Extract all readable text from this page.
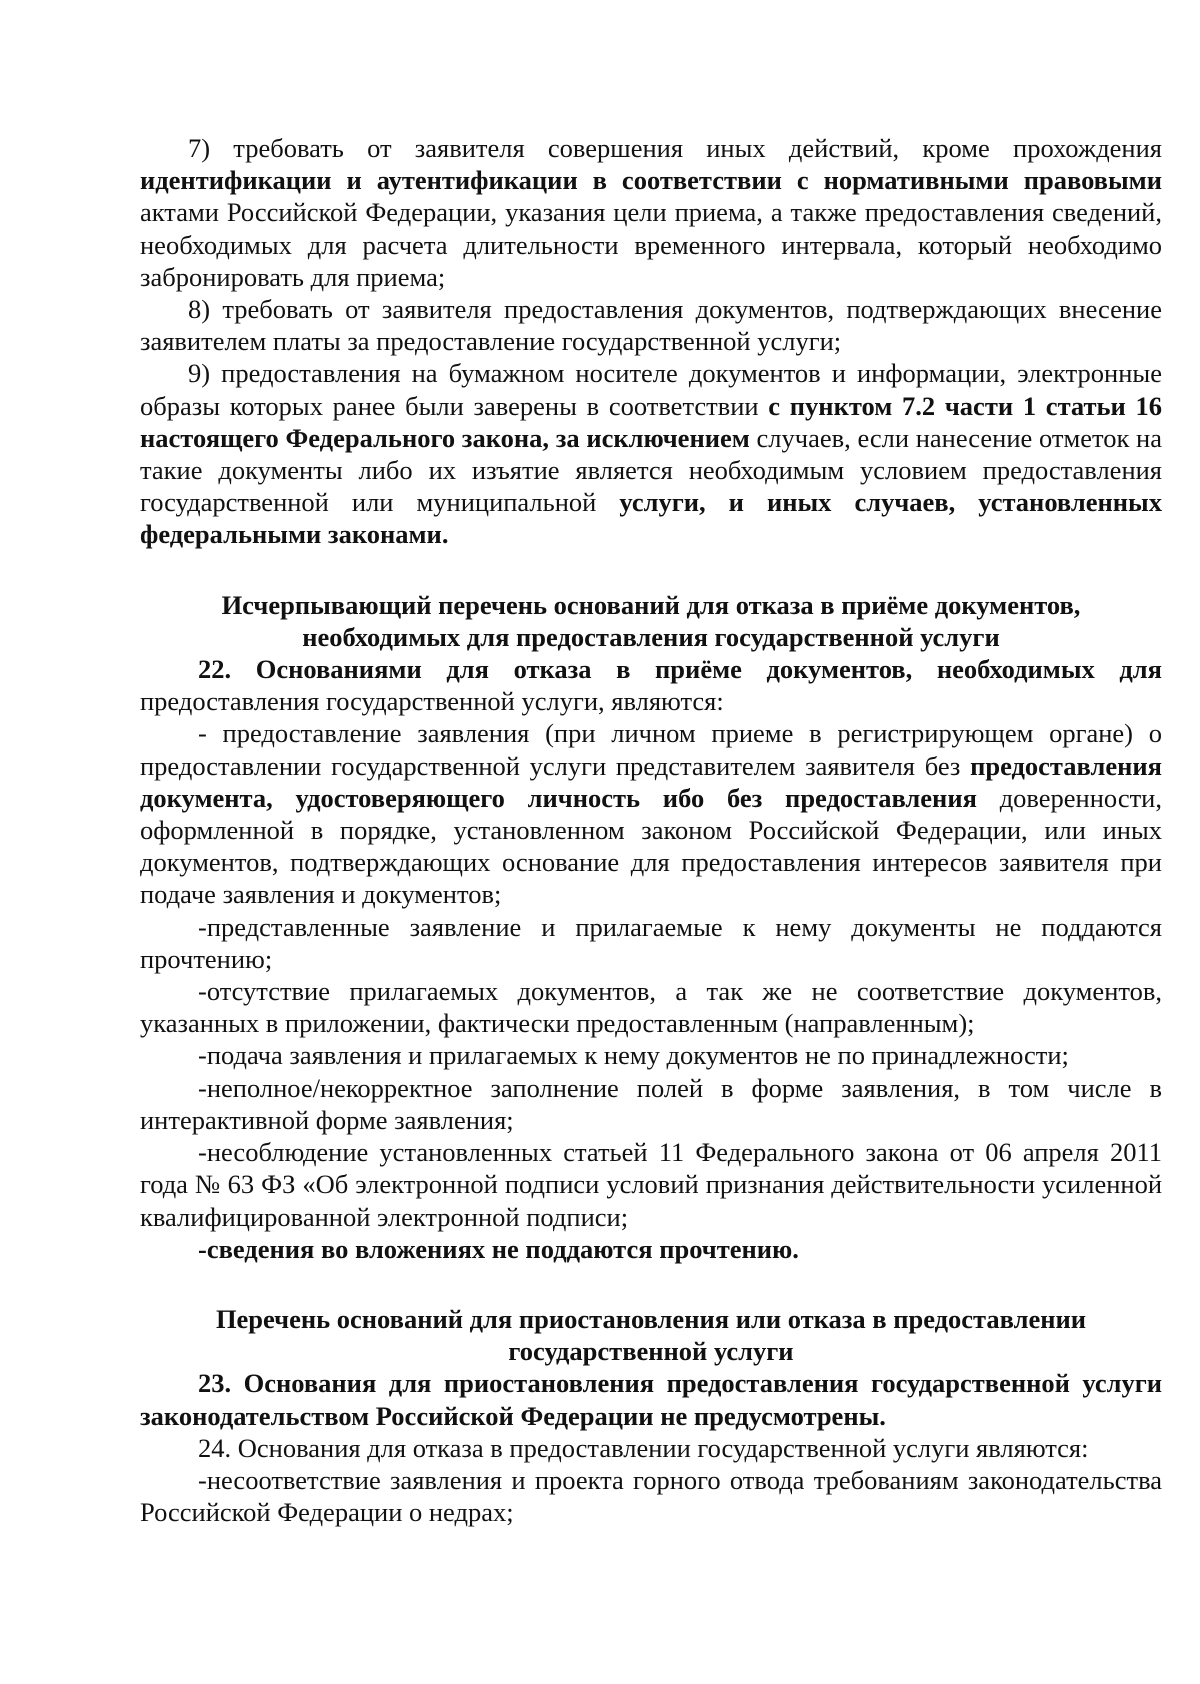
7) требовать от заявителя совершения иных действий, кроме прохождения идентификации и аутентификации в соответствии с нормативными правовыми актами Российской Федерации, указания цели приема, а также предоставления сведений, необходимых для расчета длительности временного интервала, который необходимо забронировать для приема;

8) требовать от заявителя предоставления документов, подтверждающих внесение заявителем платы за предоставление государственной услуги;

9) предоставления на бумажном носителе документов и информации, электронные образы которых ранее были заверены в соответствии с пунктом 7.2 части 1 статьи 16 настоящего Федерального закона, за исключением случаев, если нанесение отметок на такие документы либо их изъятие является необходимым условием предоставления государственной или муниципальной услуги, и иных случаев, установленных федеральными законами.

Исчерпывающий перечень оснований для отказа в приёме документов,
необходимых для предоставления государственной услуги

22. Основаниями для отказа в приёме документов, необходимых для предоставления государственной услуги, являются:

- предоставление заявления (при личном приеме в регистрирующем органе) о предоставлении государственной услуги представителем заявителя без предоставления документа, удостоверяющего личность ибо без предоставления доверенности, оформленной в порядке, установленном законом Российской Федерации, или иных документов, подтверждающих основание для предоставления интересов заявителя при подаче заявления и документов;

-представленные заявление и прилагаемые к нему документы не поддаются прочтению;

-отсутствие прилагаемых документов, а так же не соответствие документов, указанных в приложении, фактически предоставленным (направленным);

-подача заявления и прилагаемых к нему документов не по принадлежности;

-неполное/некорректное заполнение полей в форме заявления, в том числе в интерактивной форме заявления;

-несоблюдение установленных статьей 11 Федерального закона от 06 апреля 2011 года № 63 ФЗ «Об электронной подписи условий признания действительности усиленной квалифицированной электронной подписи;

-сведения во вложениях не поддаются прочтению.

Перечень оснований для приостановления или отказа в предоставлении
государственной услуги

23. Основания для приостановления предоставления государственной услуги законодательством Российской Федерации не предусмотрены.

24. Основания для отказа в предоставлении государственной услуги являются:

-несоответствие заявления и проекта горного отвода требованиям законодательства Российской Федерации о недрах;
